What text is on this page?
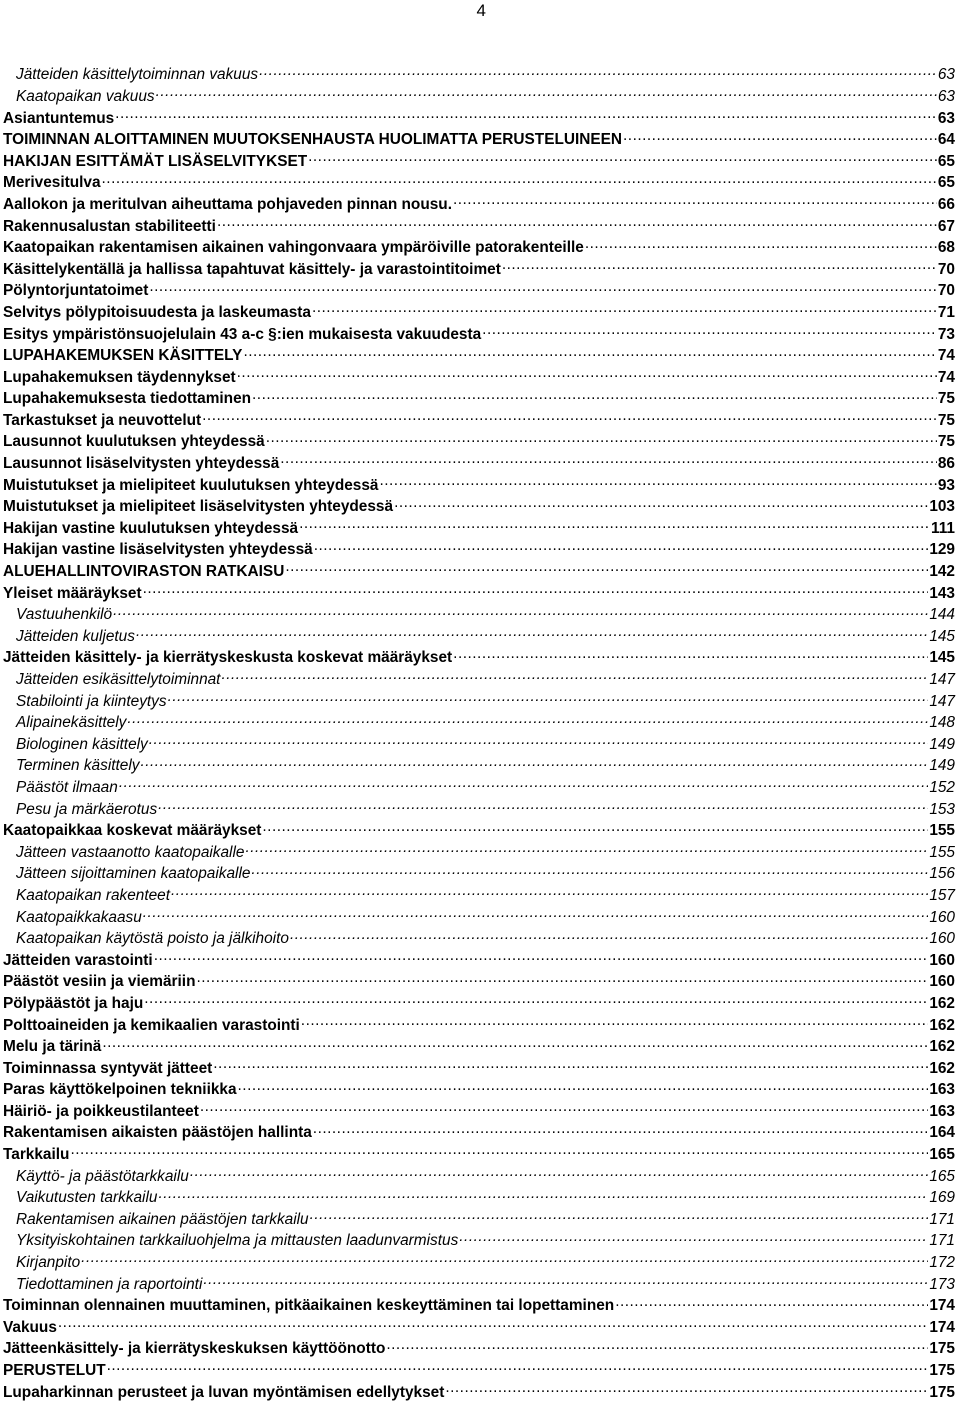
4
Jätteiden käsittelytoiminnan vakuus .....	63
Kaatopaikan vakuus .....	63
Asiantuntemus .....	63
TOIMINNAN ALOITTAMINEN MUUTOKSENHAUSTA HUOLIMATTA PERUSTELUINEEN .....	64
HAKIJAN ESITTÄMÄT LISÄSELVITYKSET .....	65
Merivesitulva .....	65
Aallokon ja meritulvan aiheuttama pohjaveden pinnan nousu. .....	66
Rakennusalustan stabiliteetti .....	67
Kaatopaikan rakentamisen aikainen vahingonvaara ympäröiville patorakenteille .....	68
Käsittelykentällä ja hallissa tapahtuvat käsittely- ja varastointitoimet .....	70
Pölyntorjuntatoimet .....	70
Selvitys pölypitoisuudesta ja laskeumasta .....	71
Esitys ympäristönsuojelulain 43 a-c §:ien mukaisesta vakuudesta .....	73
LUPAHAKEMUKSEN KÄSITTELY .....	74
Lupahakemuksen täydennykset .....	74
Lupahakemuksesta tiedottaminen .....	75
Tarkastukset ja neuvottelut .....	75
Lausunnot kuulutuksen yhteydessä .....	75
Lausunnot lisäselvitysten yhteydessä .....	86
Muistutukset ja mielipiteet kuulutuksen yhteydessä .....	93
Muistutukset ja mielipiteet lisäselvitysten yhteydessä .....	103
Hakijan vastine kuulutuksen yhteydessä .....	111
Hakijan vastine lisäselvitysten yhteydessä .....	129
ALUEHALLINTOVIRASTON RATKAISU .....	142
Yleiset määräykset .....	143
Vastuuhenkilö .....	144
Jätteiden kuljetus .....	145
Jätteiden käsittely- ja kierrätyskeskusta koskevat määräykset .....	145
Jätteiden esikäsittelytoiminnat .....	147
Stabilointi ja kiinteytys .....	147
Alipainekäsittely .....	148
Biologinen käsittely .....	149
Terminen käsittely .....	149
Päästöt ilmaan .....	152
Pesu ja märkäerotus .....	153
Kaatopaikkaa koskevat määräykset .....	155
Jätteen vastaanotto kaatopaikalle .....	155
Jätteen sijoittaminen kaatopaikalle .....	156
Kaatopaikan rakenteet .....	157
Kaatopaikkakaasu .....	160
Kaatopaikan käytöstä poisto ja jälkihoito .....	160
Jätteiden varastointi .....	160
Päästöt vesiin ja viemäriin .....	160
Pölypäästöt ja haju .....	162
Polttoaineiden ja kemikaalien varastointi .....	162
Melu ja tärinä .....	162
Toiminnassa syntyvät jätteet .....	162
Paras käyttökelpoinen tekniikka .....	163
Häiriö- ja poikkeustilanteet .....	163
Rakentamisen aikaisten päästöjen hallinta .....	164
Tarkkailu .....	165
Käyttö- ja päästötarkkailu .....	165
Vaikutusten tarkkailu .....	169
Rakentamisen aikainen päästöjen tarkkailu .....	171
Yksityiskohtainen tarkkailuohjelma ja mittausten laadunvarmistus .....	171
Kirjanpito .....	172
Tiedottaminen ja raportointi .....	173
Toiminnan olennainen muuttaminen, pitkäaikainen keskeyttäminen tai lopettaminen .....	174
Vakuus .....	174
Jätteenkäsittely- ja kierrätyskeskuksen käyttöönotto .....	175
PERUSTELUT .....	175
Lupaharkinnan perusteet ja luvan myöntämisen edellytykset .....	175
